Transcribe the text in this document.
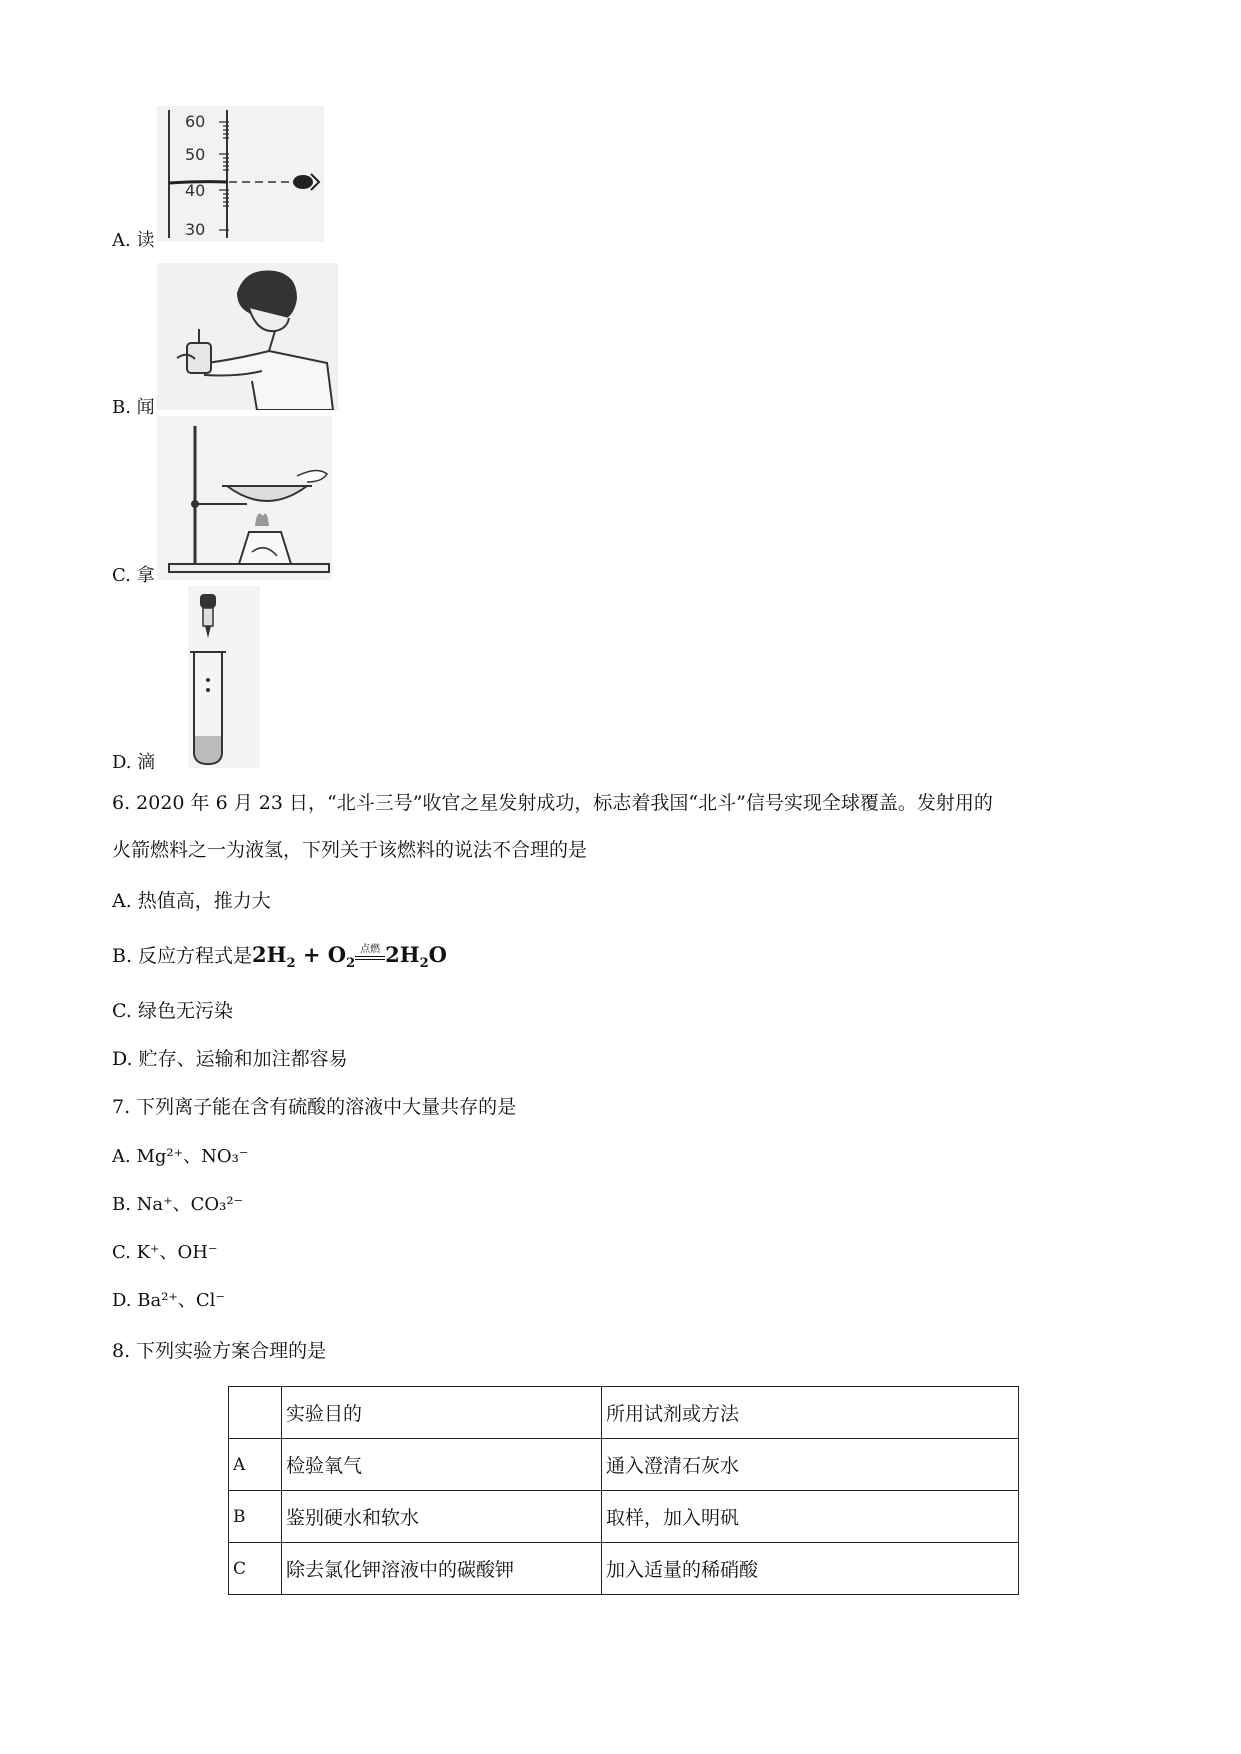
A. 读
60
50
40
30
B. 闻
C. 拿
D. 滴
6. 2020 年 6 月 23 日，“北斗三号”收官之星发射成功，标志着我国“北斗”信号实现全球覆盖。发射用的
火箭燃料之一为液氢，下列关于该燃料的说法不合理的是
A. 热值高，推力大
B. 反应方程式是$2H_2 + O_2$点燃 $2H_2O$
C. 绿色无污染
D. 贮存、运输和加注都容易
7. 下列离子能在含有硫酸的溶液中大量共存的是
A. Mg²⁺、NO₃⁻
B. Na⁺、CO₃²⁻
C. K⁺、OH⁻
D. Ba²⁺、Cl⁻
8. 下列实验方案合理的是
	实验目的	所用试剂或方法
A	检验氧气	通入澄清石灰水
B	鉴别硬水和软水	取样，加入明矾
C	除去氯化钾溶液中的碳酸钾	加入适量的稀硝酸
